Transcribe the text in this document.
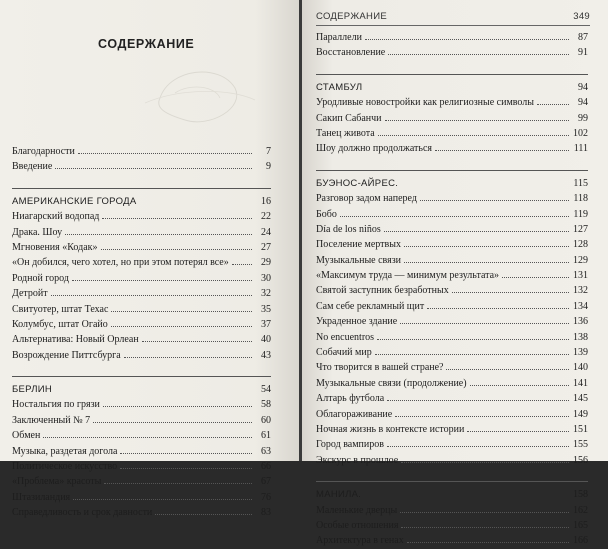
СОДЕРЖАНИЕ
Благодарности	7
Введение	9
АМЕРИКАНСКИЕ ГОРОДА	16
Ниагарский водопад	22
Драка. Шоу	24
Мгновения «Кодак»	27
«Он добился, чего хотел, но при этом потерял все»	29
Родной город	30
Детройт	32
Свитуотер, штат Техас	35
Колумбус, штат Огайо	37
Альтернатива: Новый Орлеан	40
Возрождение Питтсбурга	43
БЕРЛИН	54
Ностальгия по грязи	58
Заключенный № 7	60
Обмен	61
Музыка, раздетая догола	63
Политическое искусство	66
«Проблема» красоты	67
Штазиландия	76
Справедливость и срок давности	83
СОДЕРЖАНИЕ	349
Параллели	87
Восстановление	91
СТАМБУЛ	94
Уродливые новостройки как религиозные символы	94
Сакип Сабанчи	99
Танец живота	102
Шоу должно продолжаться	111
БУЭНОС-АЙРЕС.	115
Разговор задом наперед	118
Бобо	119
Día de los niños	127
Поселение мертвых	128
Музыкальные связи	129
«Максимум труда — минимум результата»	131
Святой заступник безработных	132
Сам себе рекламный щит	134
Украденное здание	136
No encuentros	138
Собачий мир	139
Что творится в вашей стране?	140
Музыкальные связи (продолжение)	141
Алтарь футбола	145
Облагораживание	149
Ночная жизнь в контексте истории	151
Город вампиров	155
Экскурс в прошлое	156
МАНИЛА.	158
Маленькие дверцы	162
Особые отношения	165
Архитектура в генах	166
